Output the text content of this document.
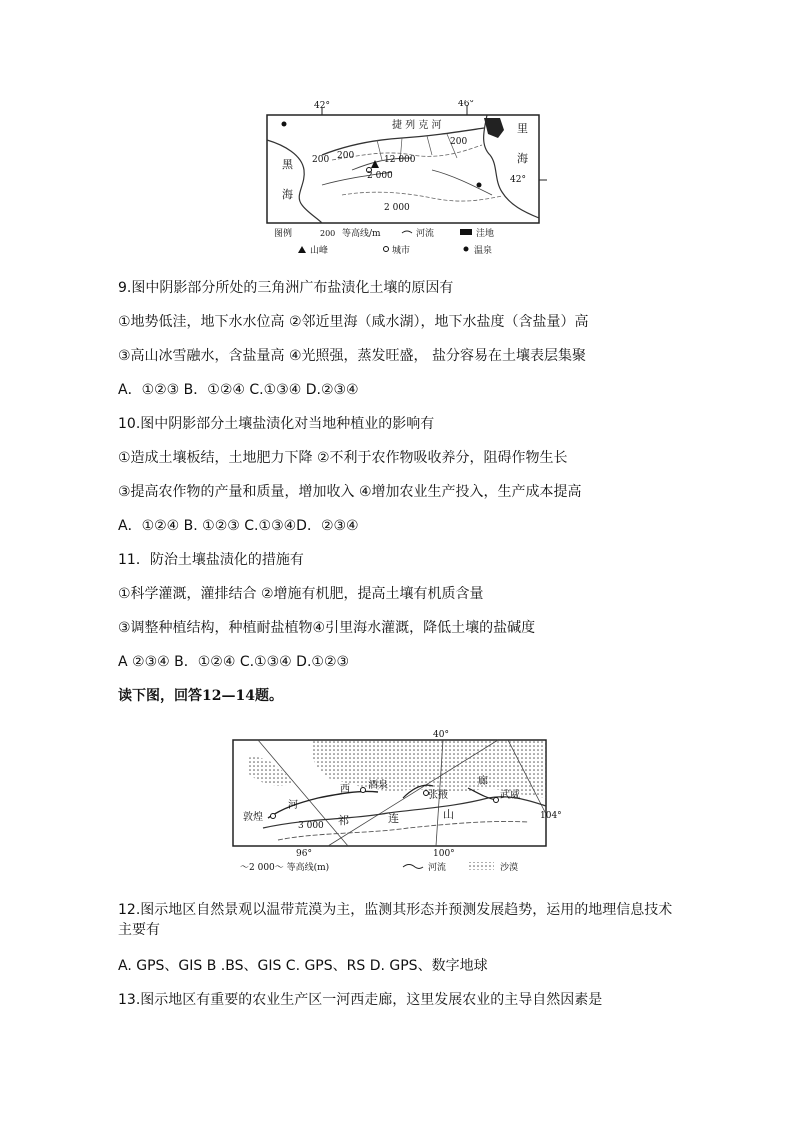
42°	46°
42°
捷 列 克 河	里
海
黑
海
200 200
200
12 000
2 000
2 000
图例	200 等高线/m	河流	洼地
山峰	城市	温泉
9.图中阴影部分所处的三角洲广布盐渍化土壤的原因有
①地势低洼，地下水水位高 ②邻近里海（咸水湖），地下水盐度（含盐量）高
③高山冰雪融水，含盐量高 ④光照强，蒸发旺盛， 盐分容易在土壤表层集聚
A．①②③ B．①②④ C.①③④ D.②③④
10.图中阴影部分土壤盐渍化对当地种植业的影响有
①造成土壤板结，土地肥力下降 ②不利于农作物吸收养分，阻碍作物生长
③提高农作物的产量和质量，增加收入 ④增加农业生产投入，生产成本提高
A．①②④ B. ①②③ C.①③④D．②③④
11．防治土壤盐渍化的措施有
①科学灌溉，灌排结合 ②增施有机肥，提高土壤有机质含量
③调整种植结构，种植耐盐植物④引里海水灌溉，降低土壤的盐碱度
A ②③④ B．①②④ C.①③④ D.①②③
读下图，回答12—14题。
40°
104°
96°	100°
敦煌
酒泉
张掖	武威
河
西
廊
祁	连	山
3 000
～2 000～ 等高线(m)	河流	沙漠
12.图示地区自然景观以温带荒漠为主，监测其形态并预测发展趋势，运用的地理信息技术主要有
A. GPS、GIS B .BS、GIS C. GPS、RS D. GPS、数字地球
13.图示地区有重要的农业生产区一河西走廊，这里发展农业的主导自然因素是
